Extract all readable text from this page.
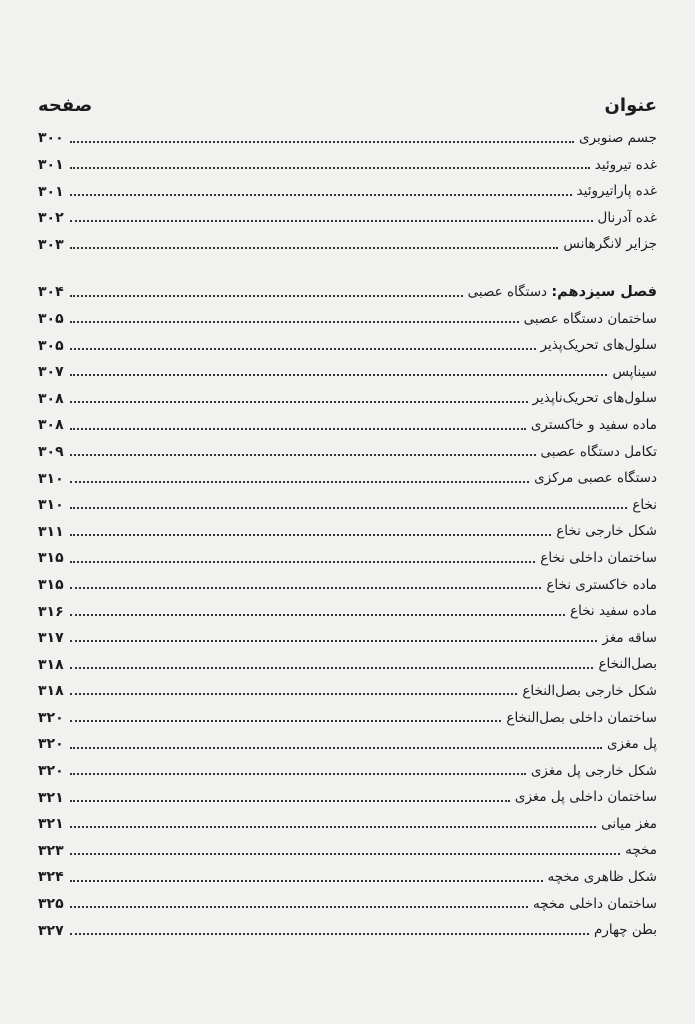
عنوان
صفحه
جسم صنوبری
۳۰۰
غده تیروئید
۳۰۱
غده پاراتیروئید
۳۰۱
غده آدرنال
۳۰۲
جزایر لانگرهانس
۳۰۳
فصل سیزدهم: دستگاه عصبی
۳۰۴
ساختمان دستگاه عصبی
۳۰۵
سلول‌های تحریک‌پذیر
۳۰۵
سیناپس
۳۰۷
سلول‌های تحریک‌ناپذیر
۳۰۸
ماده سفید و خاکستری
۳۰۸
تکامل دستگاه عصبی
۳۰۹
دستگاه عصبی مرکزی
۳۱۰
نخاع
۳۱۰
شکل خارجی نخاع
۳۱۱
ساختمان داخلی نخاع
۳۱۵
ماده خاکستری نخاع
۳۱۵
ماده سفید نخاع
۳۱۶
ساقه مغز
۳۱۷
بصل‌النخاع
۳۱۸
شکل خارجی بصل‌النخاع
۳۱۸
ساختمان داخلی بصل‌النخاع
۳۲۰
پل مغزی
۳۲۰
شکل خارجی پل مغزی
۳۲۰
ساختمان داخلی پل مغزی
۳۲۱
مغز میانی
۳۲۱
مخچه
۳۲۳
شکل ظاهری مخچه
۳۲۴
ساختمان داخلی مخچه
۳۲۵
بطن چهارم
۳۲۷
